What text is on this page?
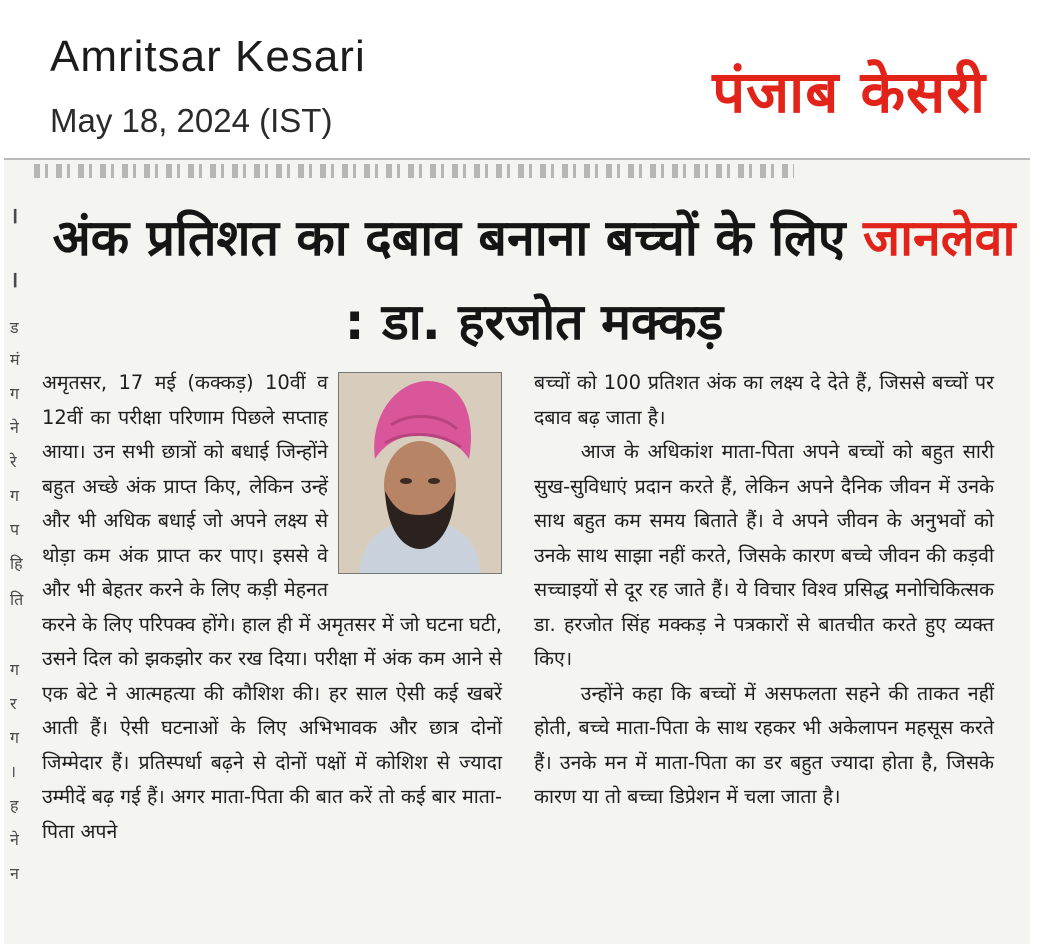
Amritsar Kesari
May 18, 2024 (IST)	पंजाब केसरी
।
।
ड
मं
ग
ने
रे
ग
प
हि
ति
ग
र
ग
।
ह
ने
न
अंक प्रतिशत का दबाव बनाना बच्चों के लिए जानलेवा : डा. हरजोत मक्कड़
अमृतसर, 17 मई (कक्कड़) 10वीं व 12वीं का परीक्षा परिणाम पिछले सप्ताह आया। उन सभी छात्रों को बधाई जिन्होंने बहुत अच्छे अंक प्राप्त किए, लेकिन उन्हें और भी अधिक बधाई जो अपने लक्ष्य से थोड़ा कम अंक प्राप्त कर पाए। इससे वे और भी बेहतर करने के लिए कड़ी मेहनत करने के लिए परिपक्व होंगे। हाल ही में अमृतसर में जो घटना घटी, उसने दिल को झकझोर कर रख दिया। परीक्षा में अंक कम आने से एक बेटे ने आत्महत्या की कौशिश की। हर साल ऐसी कई खबरें आती हैं। ऐसी घटनाओं के लिए अभिभावक और छात्र दोनों जिम्मेदार हैं। प्रतिस्पर्धा बढ़ने से दोनों पक्षों में कोशिश से ज्यादा उम्मीदें बढ़ गई हैं। अगर माता-पिता की बात करें तो कई बार माता-पिता अपने
बच्चों को 100 प्रतिशत अंक का लक्ष्य दे देते हैं, जिससे बच्चों पर दबाव बढ़ जाता है।
आज के अधिकांश माता-पिता अपने बच्चों को बहुत सारी सुख-सुविधाएं प्रदान करते हैं, लेकिन अपने दैनिक जीवन में उनके साथ बहुत कम समय बिताते हैं। वे अपने जीवन के अनुभवों को उनके साथ साझा नहीं करते, जिसके कारण बच्चे जीवन की कड़वी सच्चाइयों से दूर रह जाते हैं। ये विचार विश्व प्रसिद्ध मनोचिकित्सक डा. हरजोत सिंह मक्कड़ ने पत्रकारों से बातचीत करते हुए व्यक्त किए।
उन्होंने कहा कि बच्चों में असफलता सहने की ताकत नहीं होती, बच्चे माता-पिता के साथ रहकर भी अकेलापन महसूस करते हैं। उनके मन में माता-पिता का डर बहुत ज्यादा होता है, जिसके कारण या तो बच्चा डिप्रेशन में चला जाता है।
